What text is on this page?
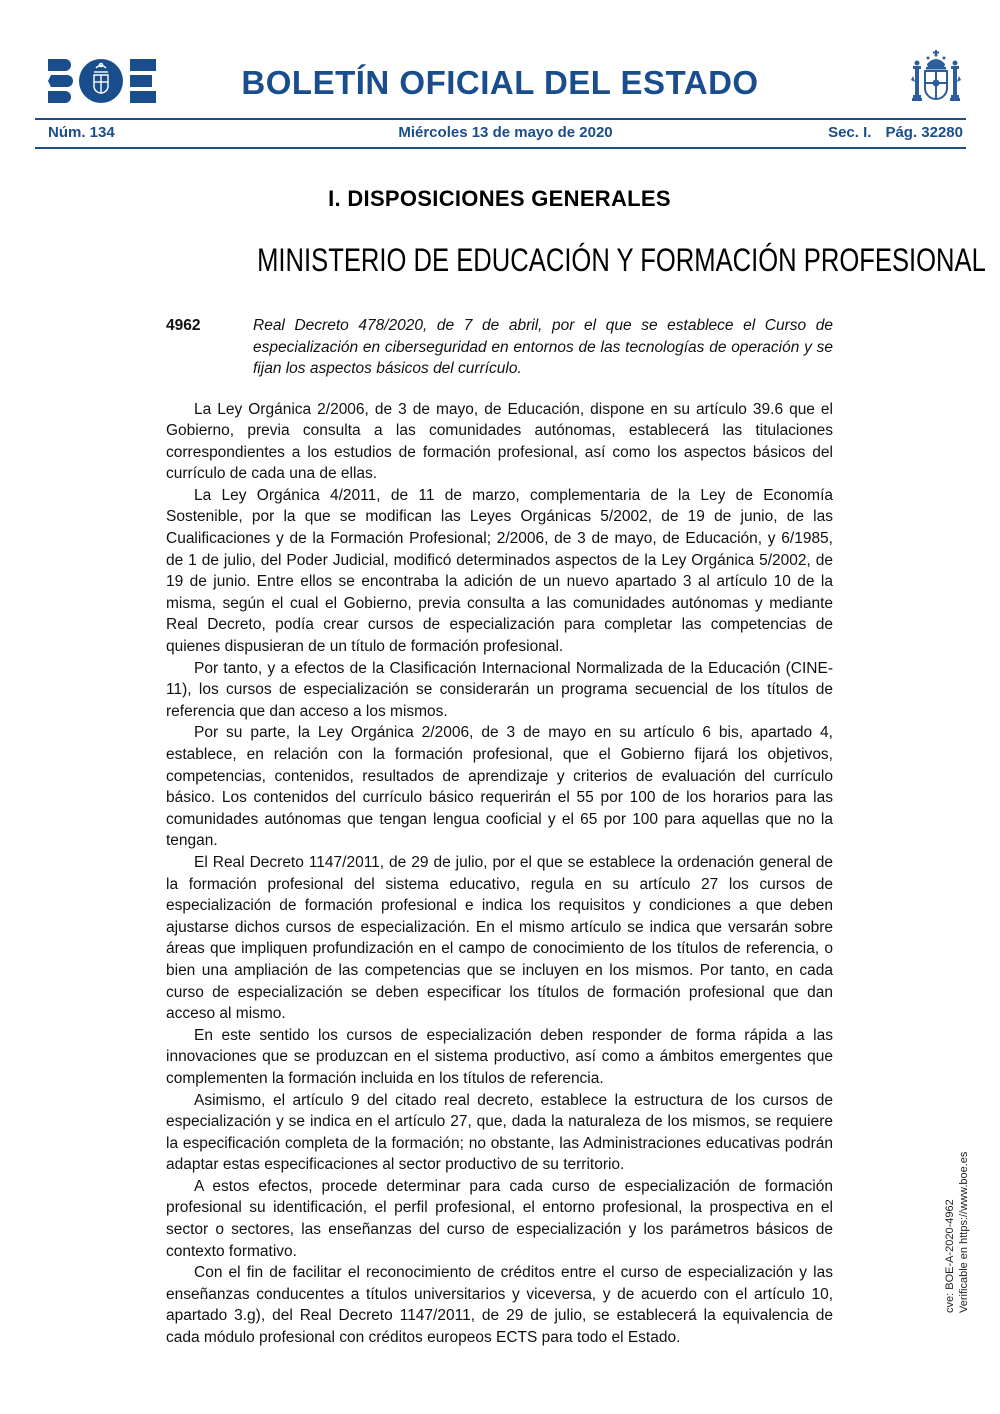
BOLETÍN OFICIAL DEL ESTADO
Núm. 134	Miércoles 13 de mayo de 2020	Sec. I. Pág. 32280
I. DISPOSICIONES GENERALES
MINISTERIO DE EDUCACIÓN Y FORMACIÓN PROFESIONAL
4962	Real Decreto 478/2020, de 7 de abril, por el que se establece el Curso de especialización en ciberseguridad en entornos de las tecnologías de operación y se fijan los aspectos básicos del currículo.

La Ley Orgánica 2/2006, de 3 de mayo, de Educación, dispone en su artículo 39.6 que el Gobierno, previa consulta a las comunidades autónomas, establecerá las titulaciones correspondientes a los estudios de formación profesional, así como los aspectos básicos del currículo de cada una de ellas.

La Ley Orgánica 4/2011, de 11 de marzo, complementaria de la Ley de Economía Sostenible, por la que se modifican las Leyes Orgánicas 5/2002, de 19 de junio, de las Cualificaciones y de la Formación Profesional; 2/2006, de 3 de mayo, de Educación, y 6/1985, de 1 de julio, del Poder Judicial, modificó determinados aspectos de la Ley Orgánica 5/2002, de 19 de junio. Entre ellos se encontraba la adición de un nuevo apartado 3 al artículo 10 de la misma, según el cual el Gobierno, previa consulta a las comunidades autónomas y mediante Real Decreto, podía crear cursos de especialización para completar las competencias de quienes dispusieran de un título de formación profesional.

Por tanto, y a efectos de la Clasificación Internacional Normalizada de la Educación (CINE-11), los cursos de especialización se considerarán un programa secuencial de los títulos de referencia que dan acceso a los mismos.

Por su parte, la Ley Orgánica 2/2006, de 3 de mayo en su artículo 6 bis, apartado 4, establece, en relación con la formación profesional, que el Gobierno fijará los objetivos, competencias, contenidos, resultados de aprendizaje y criterios de evaluación del currículo básico. Los contenidos del currículo básico requerirán el 55 por 100 de los horarios para las comunidades autónomas que tengan lengua cooficial y el 65 por 100 para aquellas que no la tengan.

El Real Decreto 1147/2011, de 29 de julio, por el que se establece la ordenación general de la formación profesional del sistema educativo, regula en su artículo 27 los cursos de especialización de formación profesional e indica los requisitos y condiciones a que deben ajustarse dichos cursos de especialización. En el mismo artículo se indica que versarán sobre áreas que impliquen profundización en el campo de conocimiento de los títulos de referencia, o bien una ampliación de las competencias que se incluyen en los mismos. Por tanto, en cada curso de especialización se deben especificar los títulos de formación profesional que dan acceso al mismo.

En este sentido los cursos de especialización deben responder de forma rápida a las innovaciones que se produzcan en el sistema productivo, así como a ámbitos emergentes que complementen la formación incluida en los títulos de referencia.

Asimismo, el artículo 9 del citado real decreto, establece la estructura de los cursos de especialización y se indica en el artículo 27, que, dada la naturaleza de los mismos, se requiere la especificación completa de la formación; no obstante, las Administraciones educativas podrán adaptar estas especificaciones al sector productivo de su territorio.

A estos efectos, procede determinar para cada curso de especialización de formación profesional su identificación, el perfil profesional, el entorno profesional, la prospectiva en el sector o sectores, las enseñanzas del curso de especialización y los parámetros básicos de contexto formativo.

Con el fin de facilitar el reconocimiento de créditos entre el curso de especialización y las enseñanzas conducentes a títulos universitarios y viceversa, y de acuerdo con el artículo 10, apartado 3.g), del Real Decreto 1147/2011, de 29 de julio, se establecerá la equivalencia de cada módulo profesional con créditos europeos ECTS para todo el Estado.

cve: BOE-A-2020-4962 Verificable en https://www.boe.es
